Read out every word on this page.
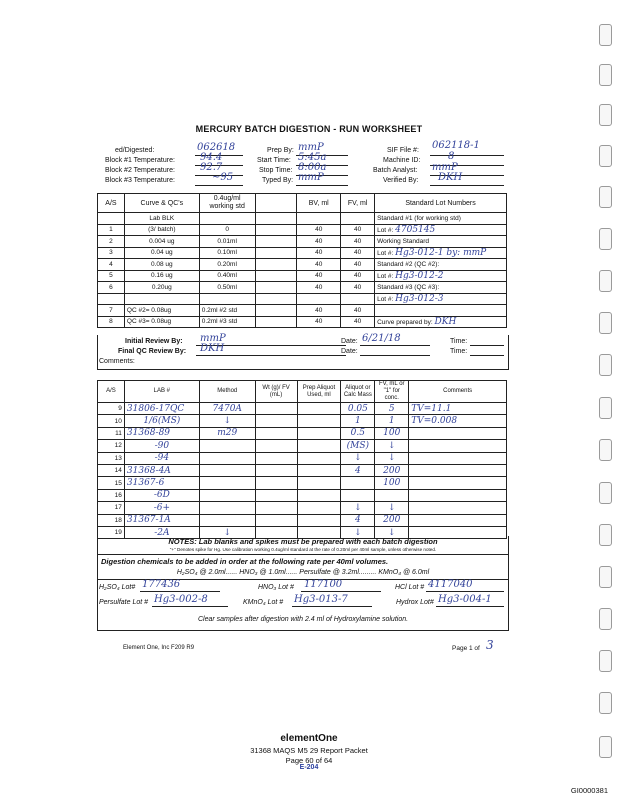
MERCURY BATCH DIGESTION - RUN WORKSHEET
ed/Digested:	062618
Block #1 Temperature:	94.4
Block #2 Temperature:	92.7
Block #3 Temperature:	~95
Prep By: mmP
Start Time: 5:45a
Stop Time: 8:00a
Typed By: mmP
SIF File #: 062118-1
Machine ID:	8
Batch Analyst: mmP
Verified By: DKH
A/S	Curve & QC's	0.4ug/ml working std		BV, ml	FV, ml	Standard Lot Numbers
	Lab BLK					Standard #1 (for working std)
1	(3/ batch)	0		40	40	Lot #: 4705145
2	0.004 ug	0.01ml		40	40	Working Standard
3	0.04 ug	0.10ml		40	40	Lot #: Hg3-012-1 by: mmP
4	0.08 ug	0.20ml		40	40	Standard #2 (QC #2):
5	0.16 ug	0.40ml		40	40	Lot #: Hg3-012-2
6	0.20ug	0.50ml		40	40	Standard #3 (QC #3):
						Lot #: Hg3-012-3
7	QC #2= 0.08ug	0.2ml #2 std		40	40	
8	QC #3= 0.08ug	0.2ml #3 std		40	40	Curve prepared by: DKH
Initial Review By: mmP
Final QC Review By: DKH
Comments:
Date: 6/21/18
Date:
Time:
Time:
A/S	LAB #	Method	Wt (g)/ FV (mL)	Prep Aliquot Used, ml	Aliquot or Calc Mass	FV, mL or "1" for conc.	Comments
9	31806-17QC	7470A			0.05	5	TV=11.1
10	1/6(MS)	↓			1	1	TV=0.008
11	31368-89	m29			0.5	100	
12	-90				(MS)	↓	
13	-94				↓	↓	
14	31368-4A				4	200	
15	31367-6					100	
16	-6D						
17	-6+				↓	↓	
18	31367-1A				4	200	
19	-2A	↓			↓	↓	
NOTES: Lab blanks and spikes must be prepared with each batch digestion
"+" Denotes spike for Hg. Use calibration working 0.4ug/ml standard at the rate of 0.20ml per 40ml sample, unless otherwise noted.
Digestion chemicals to be added in order at the following rate per 40ml volumes.
H₂SO₄ @ 2.0ml...... HNO₃ @ 1.0ml...... Persulfate @ 3.2ml......... KMnO₄ @ 6.0ml
H₂SO₄ Lot# 177436	HNO₃ Lot # 117100	HCl Lot # 4117040
Persulfate Lot # Hg3-002-8	KMnO₄ Lot # Hg3-013-7	Hydrox Lot# Hg3-004-1
Clear samples after digestion with 2.4 ml of Hydroxylamine solution.
Element One, Inc F209 R9	Page 1 of 3
elementOne
31368 MAQS M5 29 Report Packet
Page 60 of 64
E-204
GI0000381
